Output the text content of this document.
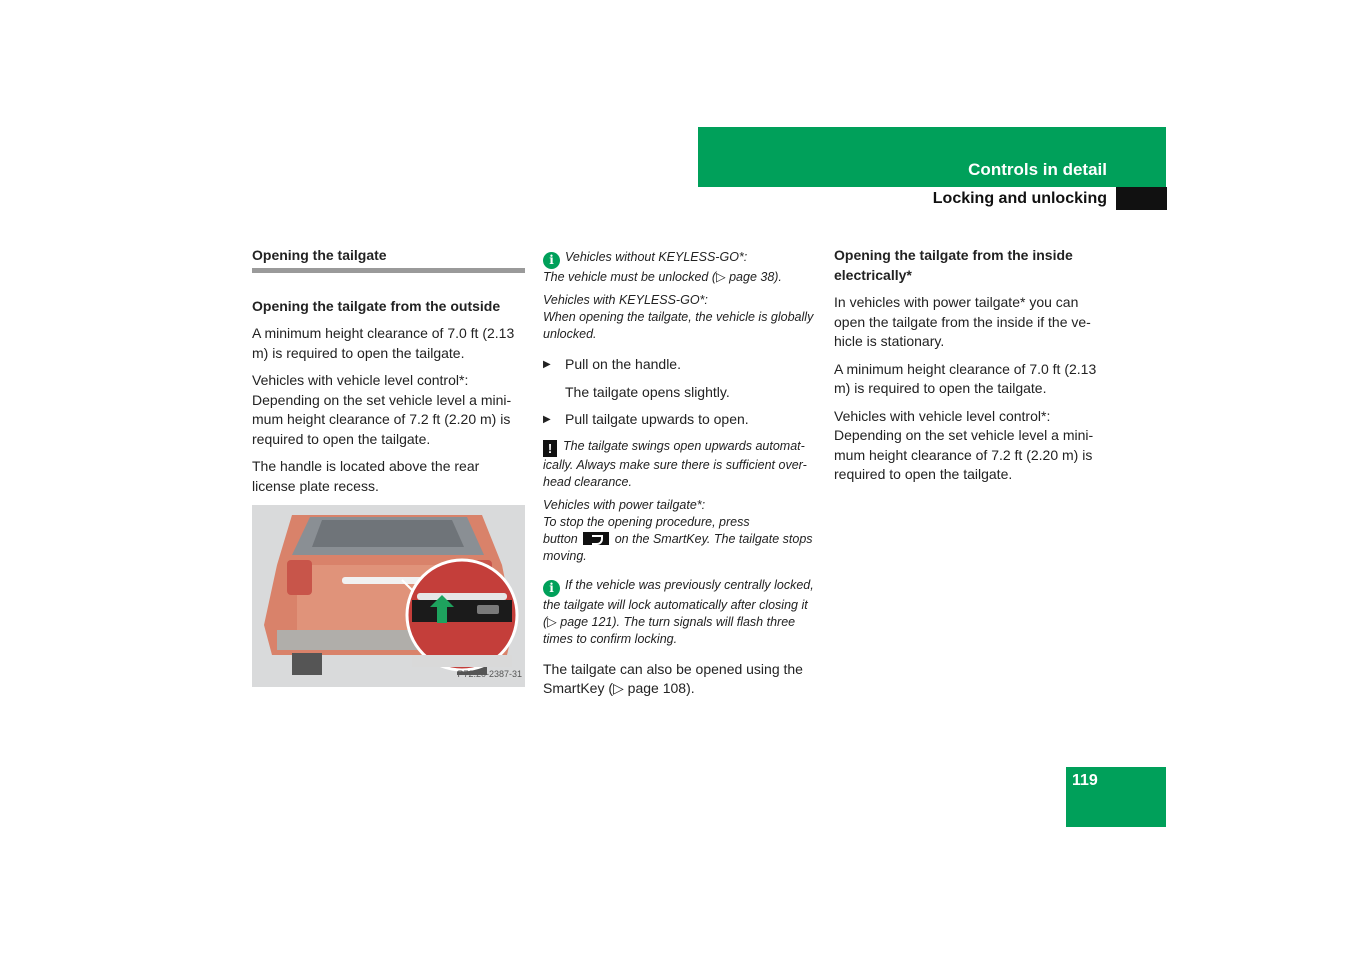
Controls in detail
Locking and unlocking
Opening the tailgate
Opening the tailgate from the outside

A minimum height clearance of 7.0 ft (2.13 m) is required to open the tailgate.

Vehicles with vehicle level control*: Depending on the set vehicle level a mini-mum height clearance of 7.2 ft (2.20 m) is required to open the tailgate.

The handle is located above the rear license plate recess.

P72.20-2387-31
i Vehicles without KEYLESS-GO*:
The vehicle must be unlocked (▷ page 38).
Vehicles with KEYLESS-GO*:
When opening the tailgate, the vehicle is globally unlocked.
▶	Pull on the handle.
The tailgate opens slightly.
▶	Pull tailgate upwards to open.
! The tailgate swings open upwards automat-ically. Always make sure there is sufficient over-head clearance.
Vehicles with power tailgate*:
To stop the opening procedure, press
button	on the SmartKey. The tailgate stops moving.
i If the vehicle was previously centrally locked, the tailgate will lock automatically after closing it (▷ page 121). The turn signals will flash three times to confirm locking.

The tailgate can also be opened using the SmartKey (▷ page 108).

Opening the tailgate from the inside electrically*

In vehicles with power tailgate* you can open the tailgate from the inside if the ve-hicle is stationary.

A minimum height clearance of 7.0 ft (2.13 m) is required to open the tailgate.

Vehicles with vehicle level control*: Depending on the set vehicle level a mini-mum height clearance of 7.2 ft (2.20 m) is required to open the tailgate.

119
